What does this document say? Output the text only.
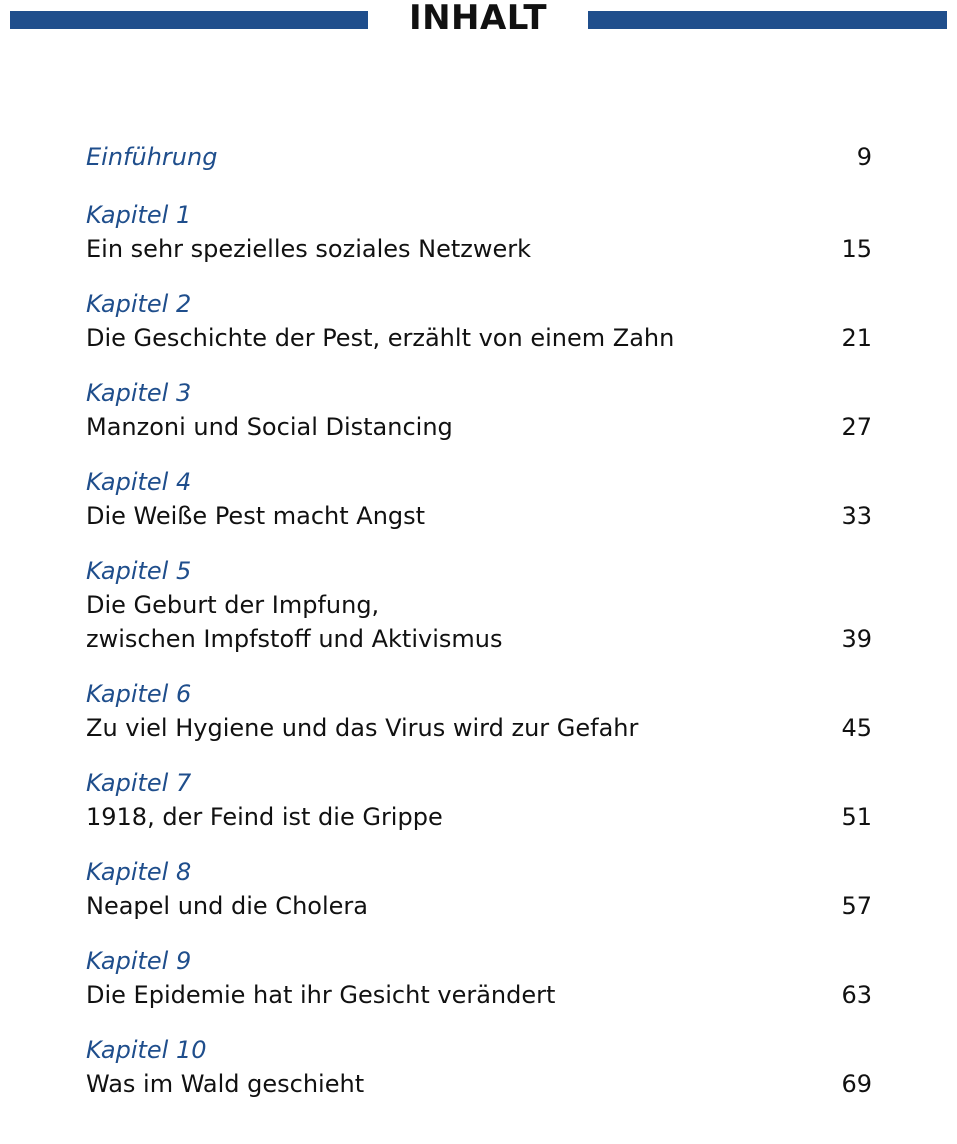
INHALT
Einführung	9
Kapitel 1
Ein sehr spezielles soziales Netzwerk	15
Kapitel 2
Die Geschichte der Pest, erzählt von einem Zahn	21
Kapitel 3
Manzoni und Social Distancing	27
Kapitel 4
Die Weiße Pest macht Angst	33
Kapitel 5
Die Geburt der Impfung,
zwischen Impfstoff und Aktivismus	39
Kapitel 6
Zu viel Hygiene und das Virus wird zur Gefahr	45
Kapitel 7
1918, der Feind ist die Grippe	51
Kapitel 8
Neapel und die Cholera	57
Kapitel 9
Die Epidemie hat ihr Gesicht verändert	63
Kapitel 10
Was im Wald geschieht	69
